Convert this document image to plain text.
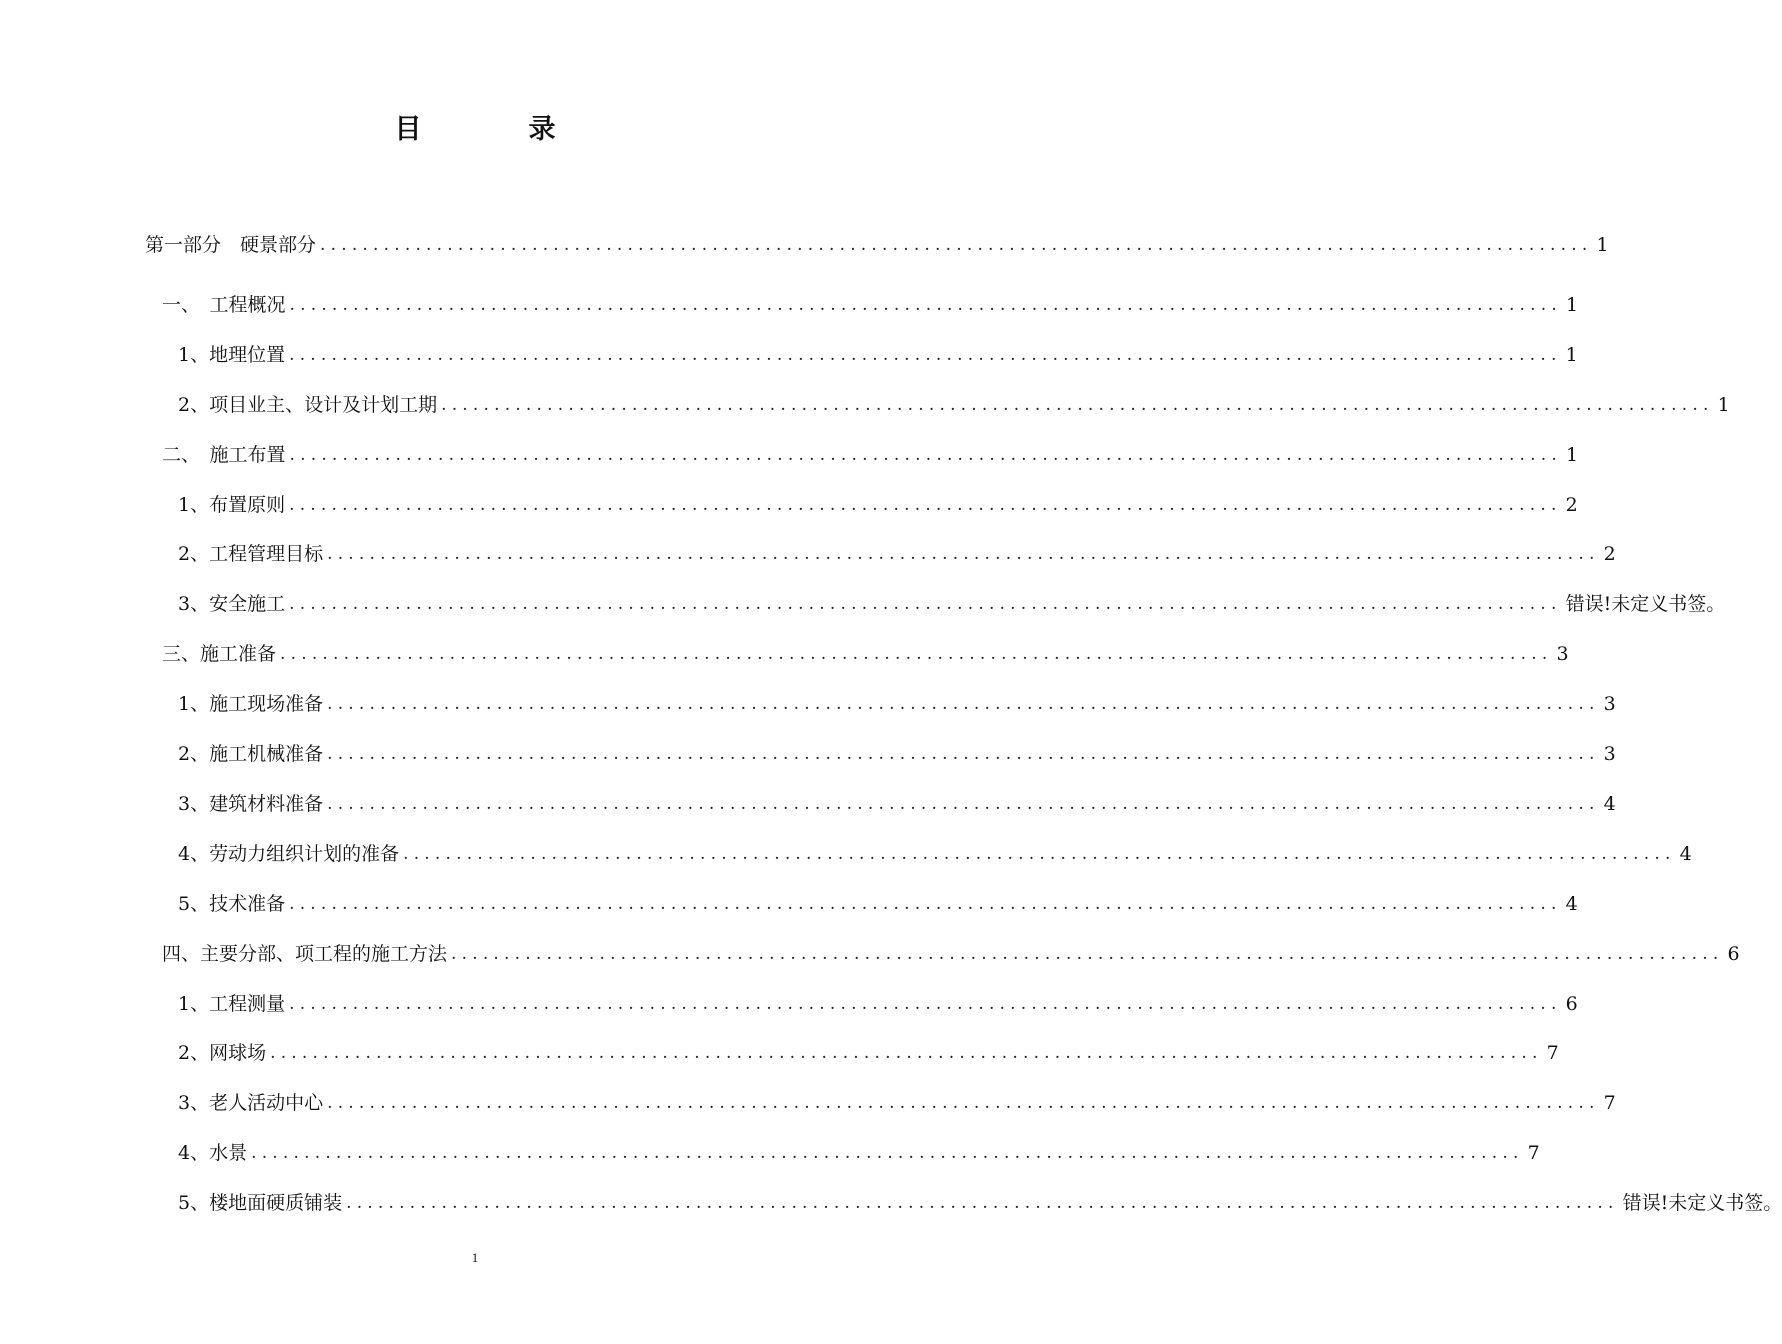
目　录
第一部分　硬景部分 ........................................................................................................................ 1
一、　工程概况 ........................................................................................................................ 1
1、地理位置 ........................................................................................................................ 1
2、项目业主、设计及计划工期 ........................................................................................................................ 1
二、　施工布置 ........................................................................................................................ 1
1、布置原则 ........................................................................................................................ 2
2、工程管理目标 ........................................................................................................................ 2
3、安全施工 ........................................................................................................................ 错误!未定义书签。
三、施工准备 ........................................................................................................................ 3
1、施工现场准备 ........................................................................................................................ 3
2、施工机械准备 ........................................................................................................................ 3
3、建筑材料准备 ........................................................................................................................ 4
4、劳动力组织计划的准备 ........................................................................................................................ 4
5、技术准备 ........................................................................................................................ 4
四、主要分部、项工程的施工方法 ........................................................................................................................ 6
1、工程测量 ........................................................................................................................ 6
2、网球场 ........................................................................................................................ 7
3、老人活动中心 ........................................................................................................................ 7
4、水景 ........................................................................................................................ 7
5、楼地面硬质铺装 ........................................................................................................................ 错误!未定义书签。
1
